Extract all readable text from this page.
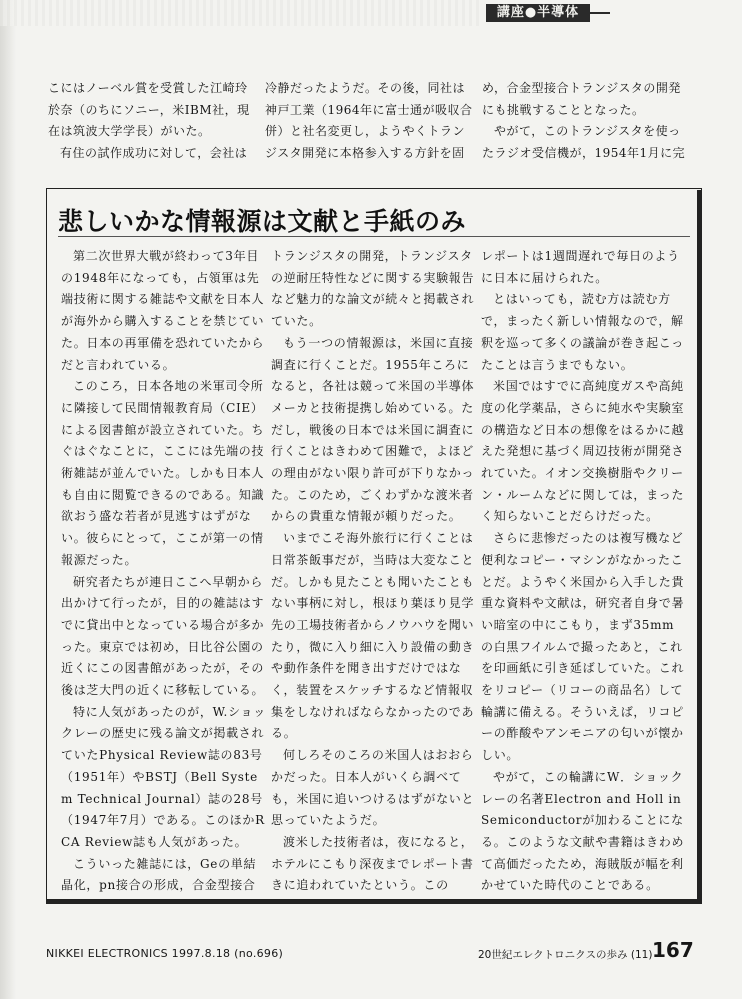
講座●半導体

こにはノーベル賞を受賞した江崎玲於奈（のちにソニー，米IBM社，現在は筑波大学学長）がいた。

有住の試作成功に対して，会社は

冷静だったようだ。その後，同社は神戸工業（1964年に富士通が吸収合併）と社名変更し，ようやくトランジスタ開発に本格参入する方針を固

め，合金型接合トランジスタの開発にも挑戦することとなった。

やがて，このトランジスタを使ったラジオ受信機が，1954年1月に完

悲しいかな情報源は文献と手紙のみ

第二次世界大戦が終わって3年目の1948年になっても，占領軍は先端技術に関する雑誌や文献を日本人が海外から購入することを禁じていた。日本の再軍備を恐れていたからだと言われている。

このころ，日本各地の米軍司令所に隣接して民間情報教育局（CIE）による図書館が設立されていた。ちぐはぐなことに，ここには先端の技術雑誌が並んでいた。しかも日本人も自由に閲覧できるのである。知識欲おう盛な若者が見逃すはずがない。彼らにとって，ここが第一の情報源だった。

研究者たちが連日ここへ早朝から出かけて行ったが，目的の雑誌はすでに貸出中となっている場合が多かった。東京では初め，日比谷公園の近くにこの図書館があったが，その後は芝大門の近くに移転している。

特に人気があったのが，W.ショックレーの歴史に残る論文が掲載されていたPhysical Review誌の83号（1951年）やBSTJ（Bell System Technical Journal）誌の28号（1947年7月）である。このほかRCA Review誌も人気があった。

こういった雑誌には，Geの単結晶化，pn接合の形成，合金型接合

トランジスタの開発，トランジスタの逆耐圧特性などに関する実験報告など魅力的な論文が続々と掲載されていた。

もう一つの情報源は，米国に直接調査に行くことだ。1955年ころになると，各社は競って米国の半導体メーカと技術提携し始めている。ただし，戦後の日本では米国に調査に行くことはきわめて困難で，よほどの理由がない限り許可が下りなかった。このため，ごくわずかな渡米者からの貴重な情報が頼りだった。

いまでこそ海外旅行に行くことは日常茶飯事だが，当時は大変なことだ。しかも見たことも聞いたこともない事柄に対し，根ほり葉ほり見学先の工場技術者からノウハウを聞いたり，微に入り細に入り設備の動きや動作条件を聞き出すだけではなく，装置をスケッチするなど情報収集をしなければならなかったのである。

何しろそのころの米国人はおおらかだった。日本人がいくら調べても，米国に追いつけるはずがないと思っていたようだ。

渡米した技術者は，夜になると，ホテルにこもり深夜までレポート書きに追われていたという。この

レポートは1週間遅れで毎日のように日本に届けられた。

とはいっても，読む方は読む方で，まったく新しい情報なので，解釈を巡って多くの議論が巻き起こったことは言うまでもない。

米国ではすでに高純度ガスや高純度の化学薬品，さらに純水や実験室の構造など日本の想像をはるかに越えた発想に基づく周辺技術が開発されていた。イオン交換樹脂やクリーン・ルームなどに関しては，まったく知らないことだらけだった。

さらに悲惨だったのは複写機など便利なコピー・マシンがなかったことだ。ようやく米国から入手した貴重な資料や文献は，研究者自身で暑い暗室の中にこもり，まず35mmの白黒フイルムで撮ったあと，これを印画紙に引き延ばしていた。これをリコピー（リコーの商品名）して輪講に備える。そういえば，リコピーの酢酸やアンモニアの匂いが懐かしい。

やがて，この輪講にW．ショックレーの名著Electron and Holl in Semiconductorが加わることになる。このような文献や書籍はきわめて高価だったため，海賊版が幅を利かせていた時代のことである。

NIKKEI ELECTRONICS 1997.8.18 (no.696)	20世紀エレクトロニクスの歩み (11) 167
